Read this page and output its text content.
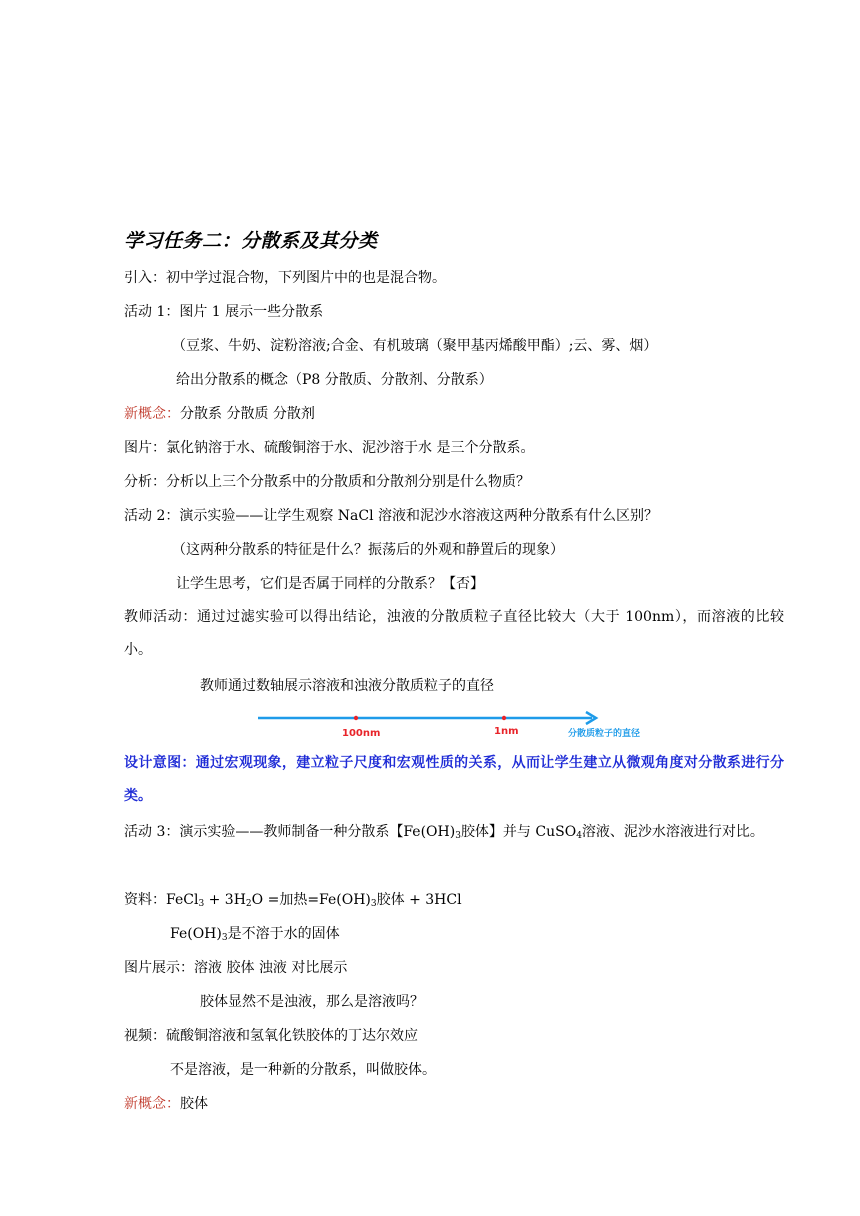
学习任务二：分散系及其分类
引入：初中学过混合物，下列图片中的也是混合物。
活动 1：图片 1 展示一些分散系
（豆浆、牛奶、淀粉溶液;合金、有机玻璃（聚甲基丙烯酸甲酯）;云、雾、烟）
给出分散系的概念（P8 分散质、分散剂、分散系）
新概念：分散系 分散质 分散剂
图片：氯化钠溶于水、硫酸铜溶于水、泥沙溶于水 是三个分散系。
分析：分析以上三个分散系中的分散质和分散剂分别是什么物质？
活动 2：演示实验——让学生观察 NaCl 溶液和泥沙水溶液这两种分散系有什么区别？
（这两种分散系的特征是什么？振荡后的外观和静置后的现象）
让学生思考，它们是否属于同样的分散系？【否】
教师活动：通过过滤实验可以得出结论，浊液的分散质粒子直径比较大（大于 100nm），而溶液的比较小。
教师通过数轴展示溶液和浊液分散质粒子的直径
100nm	1nm	分散质粒子的直径
设计意图：通过宏观现象，建立粒子尺度和宏观性质的关系，从而让学生建立从微观角度对分散系进行分类。
活动 3：演示实验——教师制备一种分散系【$Fe(OH)_3$胶体】并与 CuSO$_4$溶液、泥沙水溶液进行对比。
资料：FeCl$_3$ + $3H_2O$ =加热$=Fe(OH)_3$胶体 + 3HCl
$Fe(OH)_3$是不溶于水的固体
图片展示：溶液 胶体 浊液 对比展示
胶体显然不是浊液，那么是溶液吗？
视频：硫酸铜溶液和氢氧化铁胶体的丁达尔效应
不是溶液，是一种新的分散系，叫做胶体。
新概念：胶体
